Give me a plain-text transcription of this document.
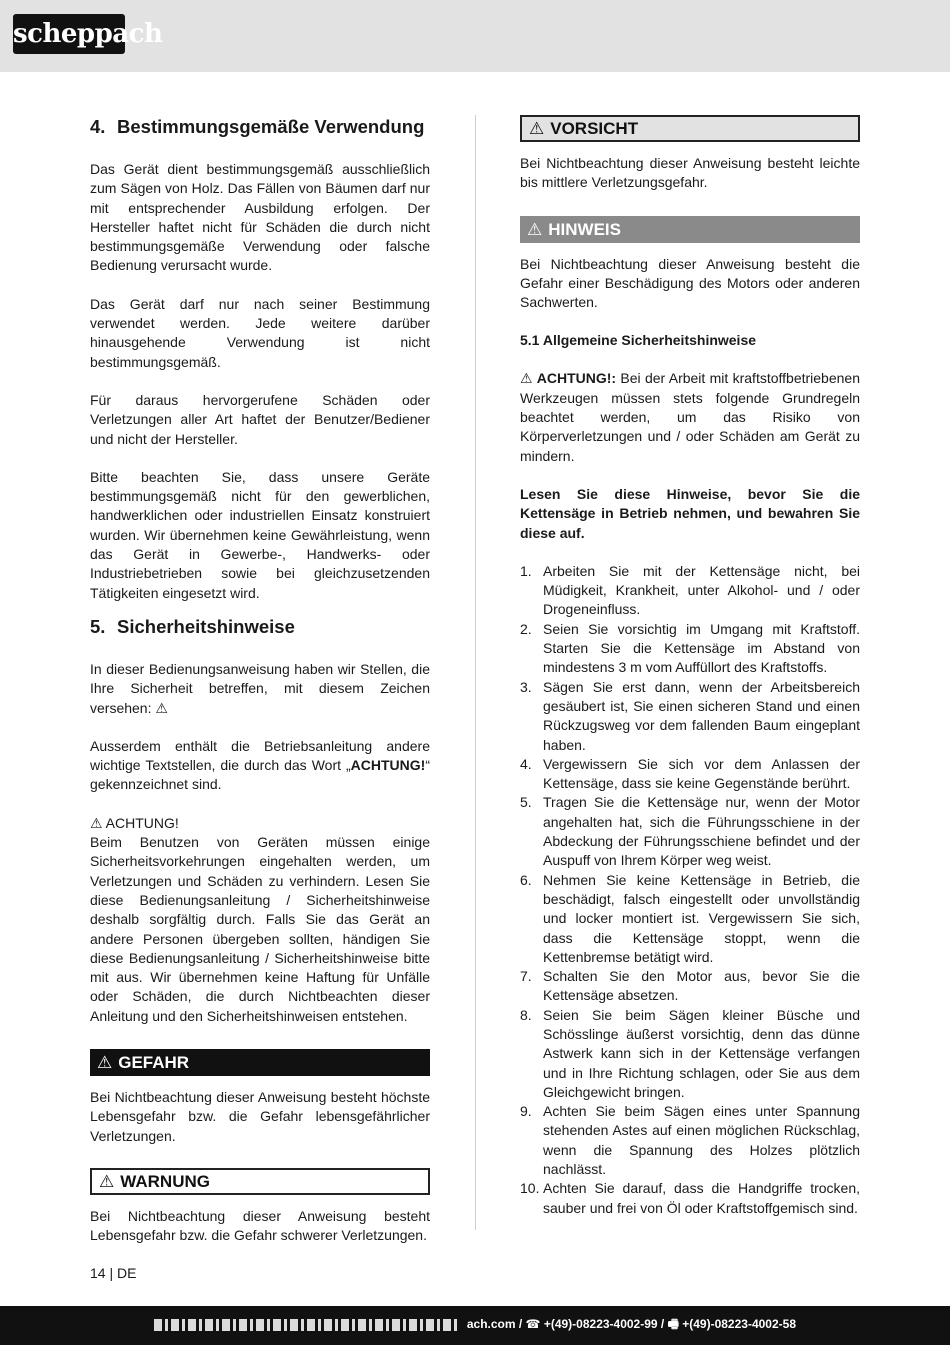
scheppach
4. Bestimmungsgemäße Verwendung
Das Gerät dient bestimmungsgemäß ausschließlich zum Sägen von Holz. Das Fällen von Bäumen darf nur mit entsprechender Ausbildung erfolgen. Der Hersteller haftet nicht für Schäden die durch nicht bestimmungsgemäße Verwendung oder falsche Bedienung verursacht wurde.
Das Gerät darf nur nach seiner Bestimmung verwendet werden. Jede weitere darüber hinausgehende Verwendung ist nicht bestimmungsgemäß.
Für daraus hervorgerufene Schäden oder Verletzungen aller Art haftet der Benutzer/Bediener und nicht der Hersteller.
Bitte beachten Sie, dass unsere Geräte bestimmungsgemäß nicht für den gewerblichen, handwerklichen oder industriellen Einsatz konstruiert wurden. Wir übernehmen keine Gewährleistung, wenn das Gerät in Gewerbe-, Handwerks- oder Industriebetrieben sowie bei gleichzusetzenden Tätigkeiten eingesetzt wird.
5. Sicherheitshinweise
In dieser Bedienungsanweisung haben wir Stellen, die Ihre Sicherheit betreffen, mit diesem Zeichen versehen: ⚠
Ausserdem enthält die Betriebsanleitung andere wichtige Textstellen, die durch das Wort „ACHTUNG!“ gekennzeichnet sind.
⚠ ACHTUNG!
Beim Benutzen von Geräten müssen einige Sicherheitsvorkehrungen eingehalten werden, um Verletzungen und Schäden zu verhindern. Lesen Sie diese Bedienungsanleitung / Sicherheitshinweise deshalb sorgfältig durch. Falls Sie das Gerät an andere Personen übergeben sollten, händigen Sie diese Bedienungsanleitung / Sicherheitshinweise bitte mit aus. Wir übernehmen keine Haftung für Unfälle oder Schäden, die durch Nichtbeachten dieser Anleitung und den Sicherheitshinweisen entstehen.
⚠ GEFAHR
Bei Nichtbeachtung dieser Anweisung besteht höchste Lebensgefahr bzw. die Gefahr lebensgefährlicher Verletzungen.
⚠ WARNUNG
Bei Nichtbeachtung dieser Anweisung besteht Lebensgefahr bzw. die Gefahr schwerer Verletzungen.
⚠ VORSICHT
Bei Nichtbeachtung dieser Anweisung besteht leichte bis mittlere Verletzungsgefahr.
⚠ HINWEIS
Bei Nichtbeachtung dieser Anweisung besteht die Gefahr einer Beschädigung des Motors oder anderen Sachwerten.
5.1 Allgemeine Sicherheitshinweise
⚠ ACHTUNG!: Bei der Arbeit mit kraftstoffbetriebenen Werkzeugen müssen stets folgende Grundregeln beachtet werden, um das Risiko von Körperverletzungen und / oder Schäden am Gerät zu mindern.
Lesen Sie diese Hinweise, bevor Sie die Kettensäge in Betrieb nehmen, und bewahren Sie diese auf.
1. Arbeiten Sie mit der Kettensäge nicht, bei Müdigkeit, Krankheit, unter Alkohol- und / oder Drogeneinfluss.
2. Seien Sie vorsichtig im Umgang mit Kraftstoff. Starten Sie die Kettensäge im Abstand von mindestens 3 m vom Auffüllort des Kraftstoffs.
3. Sägen Sie erst dann, wenn der Arbeitsbereich gesäubert ist, Sie einen sicheren Stand und einen Rückzugsweg vor dem fallenden Baum eingeplant haben.
4. Vergewissern Sie sich vor dem Anlassen der Kettensäge, dass sie keine Gegenstände berührt.
5. Tragen Sie die Kettensäge nur, wenn der Motor angehalten hat, sich die Führungsschiene in der Abdeckung der Führungsschiene befindet und der Auspuff von Ihrem Körper weg weist.
6. Nehmen Sie keine Kettensäge in Betrieb, die beschädigt, falsch eingestellt oder unvollständig und locker montiert ist. Vergewissern Sie sich, dass die Kettensäge stoppt, wenn die Kettenbremse betätigt wird.
7. Schalten Sie den Motor aus, bevor Sie die Kettensäge absetzen.
8. Seien Sie beim Sägen kleiner Büsche und Schösslinge äußerst vorsichtig, denn das dünne Astwerk kann sich in der Kettensäge verfangen und in Ihre Richtung schlagen, oder Sie aus dem Gleichgewicht bringen.
9. Achten Sie beim Sägen eines unter Spannung stehenden Astes auf einen möglichen Rückschlag, wenn die Spannung des Holzes plötzlich nachlässt.
10. Achten Sie darauf, dass die Handgriffe trocken, sauber und frei von Öl oder Kraftstoffgemisch sind.
14 | DE
ach.com / ☎ +(49)-08223-4002-99 / 🖷 +(49)-08223-4002-58
